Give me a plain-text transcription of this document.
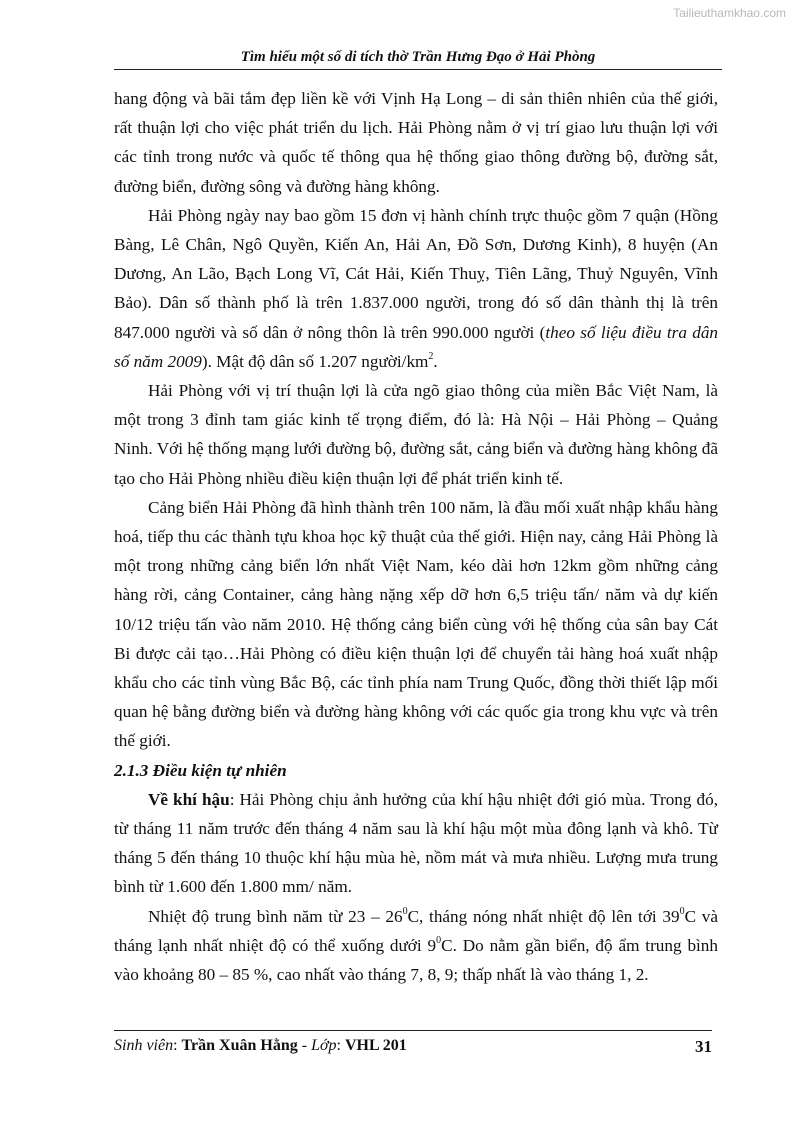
Tailieuthamkhao.com
Tìm hiểu một số di tích thờ Trần Hưng Đạo ở Hải Phòng

hang động và bãi tắm đẹp liền kề với Vịnh Hạ Long – di sản thiên nhiên của thế giới, rất thuận lợi cho việc phát triển du lịch. Hải Phòng nằm ở vị trí giao lưu thuận lợi với các tỉnh trong nước và quốc tế thông qua hệ thống giao thông đường bộ, đường sắt, đường biển, đường sông và đường hàng không.

Hải Phòng ngày nay bao gồm 15 đơn vị hành chính trực thuộc gồm 7 quận (Hồng Bàng, Lê Chân, Ngô Quyền, Kiến An, Hải An, Đồ Sơn, Dương Kinh), 8 huyện (An Dương, An Lão, Bạch Long Vĩ, Cát Hải, Kiến Thuỵ, Tiên Lãng, Thuỷ Nguyên, Vĩnh Bảo). Dân số thành phố là trên 1.837.000 người, trong đó số dân thành thị là trên 847.000 người và số dân ở nông thôn là trên 990.000 người (theo số liệu điều tra dân số năm 2009). Mật độ dân số 1.207 người/$km^2$.

Hải Phòng với vị trí thuận lợi là cửa ngõ giao thông của miền Bắc Việt Nam, là một trong 3 đỉnh tam giác kinh tế trọng điểm, đó là: Hà Nội – Hải Phòng – Quảng Ninh. Với hệ thống mạng lưới đường bộ, đường sắt, cảng biển và đường hàng không đã tạo cho Hải Phòng nhiều điều kiện thuận lợi để phát triển kinh tế.

Cảng biển Hải Phòng đã hình thành trên 100 năm, là đầu mối xuất nhập khẩu hàng hoá, tiếp thu các thành tựu khoa học kỹ thuật của thế giới. Hiện nay, cảng Hải Phòng là một trong những cảng biển lớn nhất Việt Nam, kéo dài hơn 12km gồm những cảng hàng rời, cảng Container, cảng hàng nặng xếp dỡ hơn 6,5 triệu tấn/ năm và dự kiến 10/12 triệu tấn vào năm 2010. Hệ thống cảng biển cùng với hệ thống của sân bay Cát Bi được cải tạo…Hải Phòng có điều kiện thuận lợi để chuyển tải hàng hoá xuất nhập khẩu cho các tỉnh vùng Bắc Bộ, các tỉnh phía nam Trung Quốc, đồng thời thiết lập mối quan hệ bằng đường biển và đường hàng không với các quốc gia trong khu vực và trên thế giới.

2.1.3 Điều kiện tự nhiên

Về khí hậu: Hải Phòng chịu ảnh hưởng của khí hậu nhiệt đới gió mùa. Trong đó, từ tháng 11 năm trước đến tháng 4 năm sau là khí hậu một mùa đông lạnh và khô. Từ tháng 5 đến tháng 10 thuộc khí hậu mùa hè, nồm mát và mưa nhiều. Lượng mưa trung bình từ 1.600 đến 1.800 mm/ năm.

Nhiệt độ trung bình năm từ $23 - 26^0C$, tháng nóng nhất nhiệt độ lên tới $39^0C$ và tháng lạnh nhất nhiệt độ có thể xuống dưới $9^0C$. Do nằm gần biển, độ ẩm trung bình vào khoảng 80 – 85 %, cao nhất vào tháng 7, 8, 9; thấp nhất là vào tháng 1, 2.

Sinh viên: Trần Xuân Hằng - Lớp: VHL 201	31
